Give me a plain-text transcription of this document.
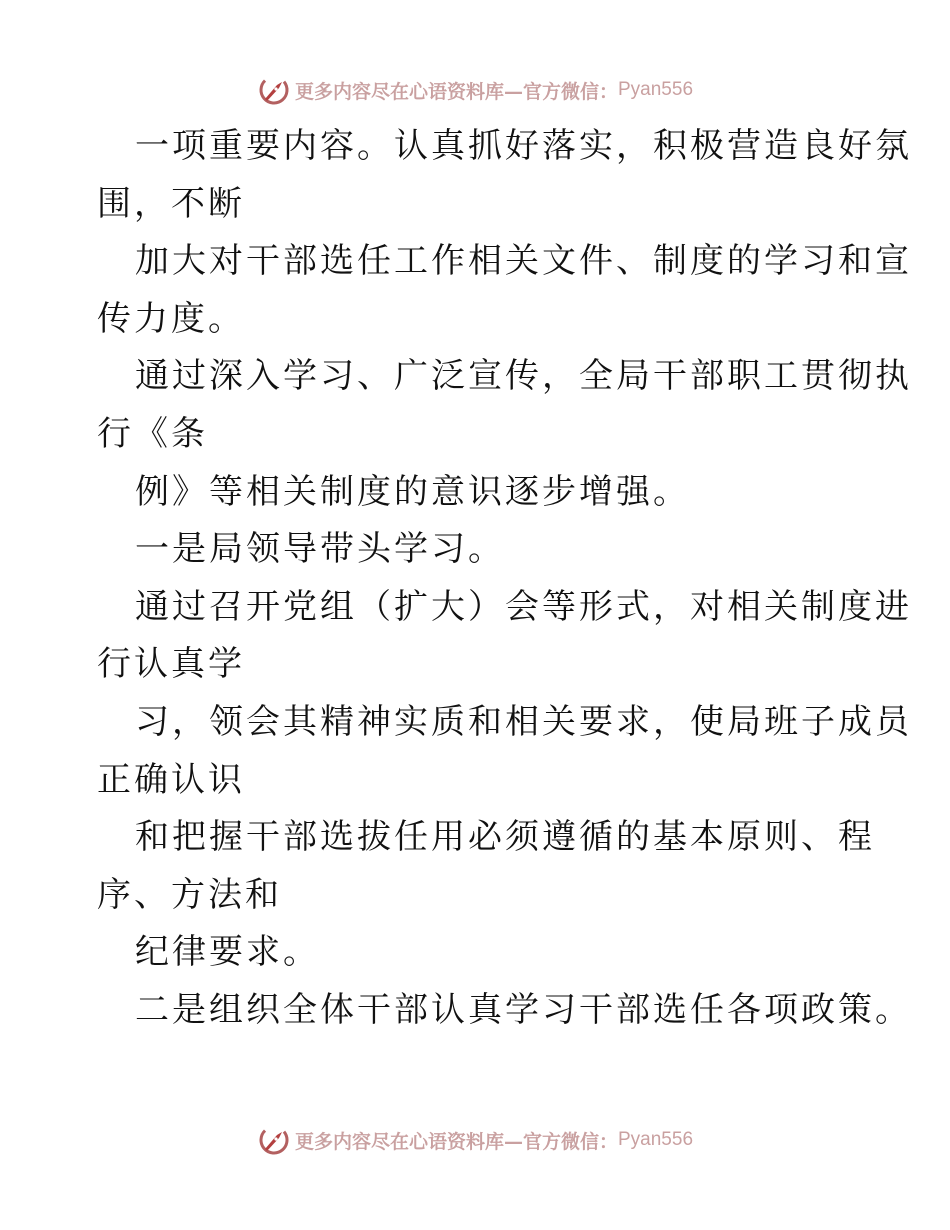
更多内容尽在心语资料库—官方微信： Pyan556
一项重要内容。认真抓好落实，积极营造良好氛
围，不断
加大对干部选任工作相关文件、制度的学习和宣
传力度。
通过深入学习、广泛宣传，全局干部职工贯彻执
行《条
例》等相关制度的意识逐步增强。
一是局领导带头学习。
通过召开党组（扩大）会等形式，对相关制度进
行认真学
习，领会其精神实质和相关要求，使局班子成员
正确认识
和把握干部选拔任用必须遵循的基本原则、程
序、方法和
纪律要求。
二是组织全体干部认真学习干部选任各项政策。
更多内容尽在心语资料库—官方微信： Pyan556
